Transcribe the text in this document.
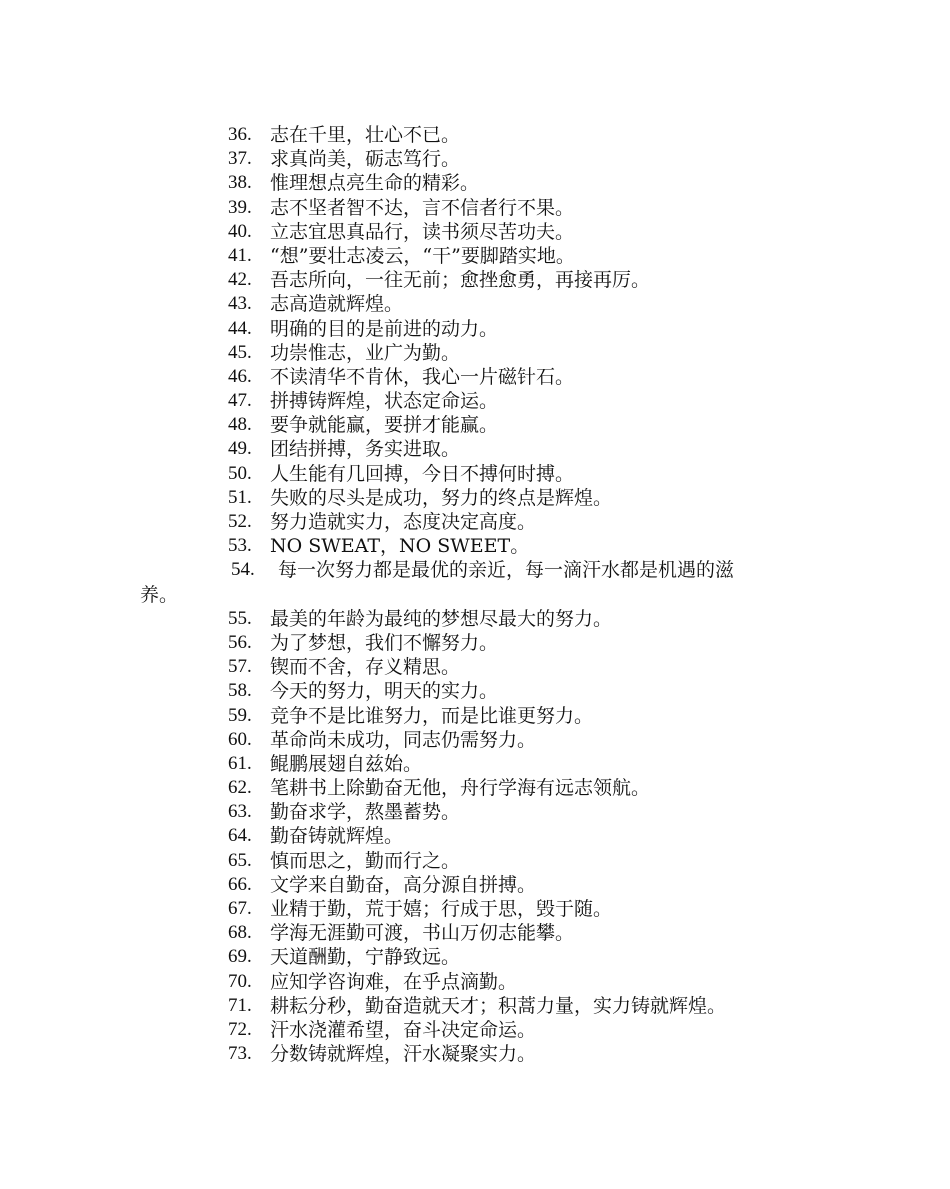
36. 志在千里，壮心不已。
37. 求真尚美，砺志笃行。
38. 惟理想点亮生命的精彩。
39. 志不坚者智不达，言不信者行不果。
40. 立志宜思真品行，读书须尽苦功夫。
41. “想”要壮志凌云，“干”要脚踏实地。
42. 吾志所向，一往无前；愈挫愈勇，再接再厉。
43. 志高造就辉煌。
44. 明确的目的是前进的动力。
45. 功崇惟志，业广为勤。
46. 不读清华不肯休，我心一片磁针石。
47. 拼搏铸辉煌，状态定命运。
48. 要争就能赢，要拼才能赢。
49. 团结拼搏，务实进取。
50. 人生能有几回搏，今日不搏何时搏。
51. 失败的尽头是成功，努力的终点是辉煌。
52. 努力造就实力，态度决定高度。
53. NO SWEAT，NO SWEET。
54. 每一次努力都是最优的亲近，每一滴汗水都是机遇的滋
养。
55. 最美的年龄为最纯的梦想尽最大的努力。
56. 为了梦想，我们不懈努力。
57. 锲而不舍，存义精思。
58. 今天的努力，明天的实力。
59. 竞争不是比谁努力，而是比谁更努力。
60. 革命尚未成功，同志仍需努力。
61. 鲲鹏展翅自兹始。
62. 笔耕书上除勤奋无他，舟行学海有远志领航。
63. 勤奋求学，熬墨蓄势。
64. 勤奋铸就辉煌。
65. 慎而思之，勤而行之。
66. 文学来自勤奋，高分源自拼搏。
67. 业精于勤，荒于嬉；行成于思，毁于随。
68. 学海无涯勤可渡，书山万仞志能攀。
69. 天道酬勤，宁静致远。
70. 应知学咨询难，在乎点滴勤。
71. 耕耘分秒，勤奋造就天才；积蒿力量，实力铸就辉煌。
72. 汗水浇灌希望，奋斗决定命运。
73. 分数铸就辉煌，汗水凝聚实力。
